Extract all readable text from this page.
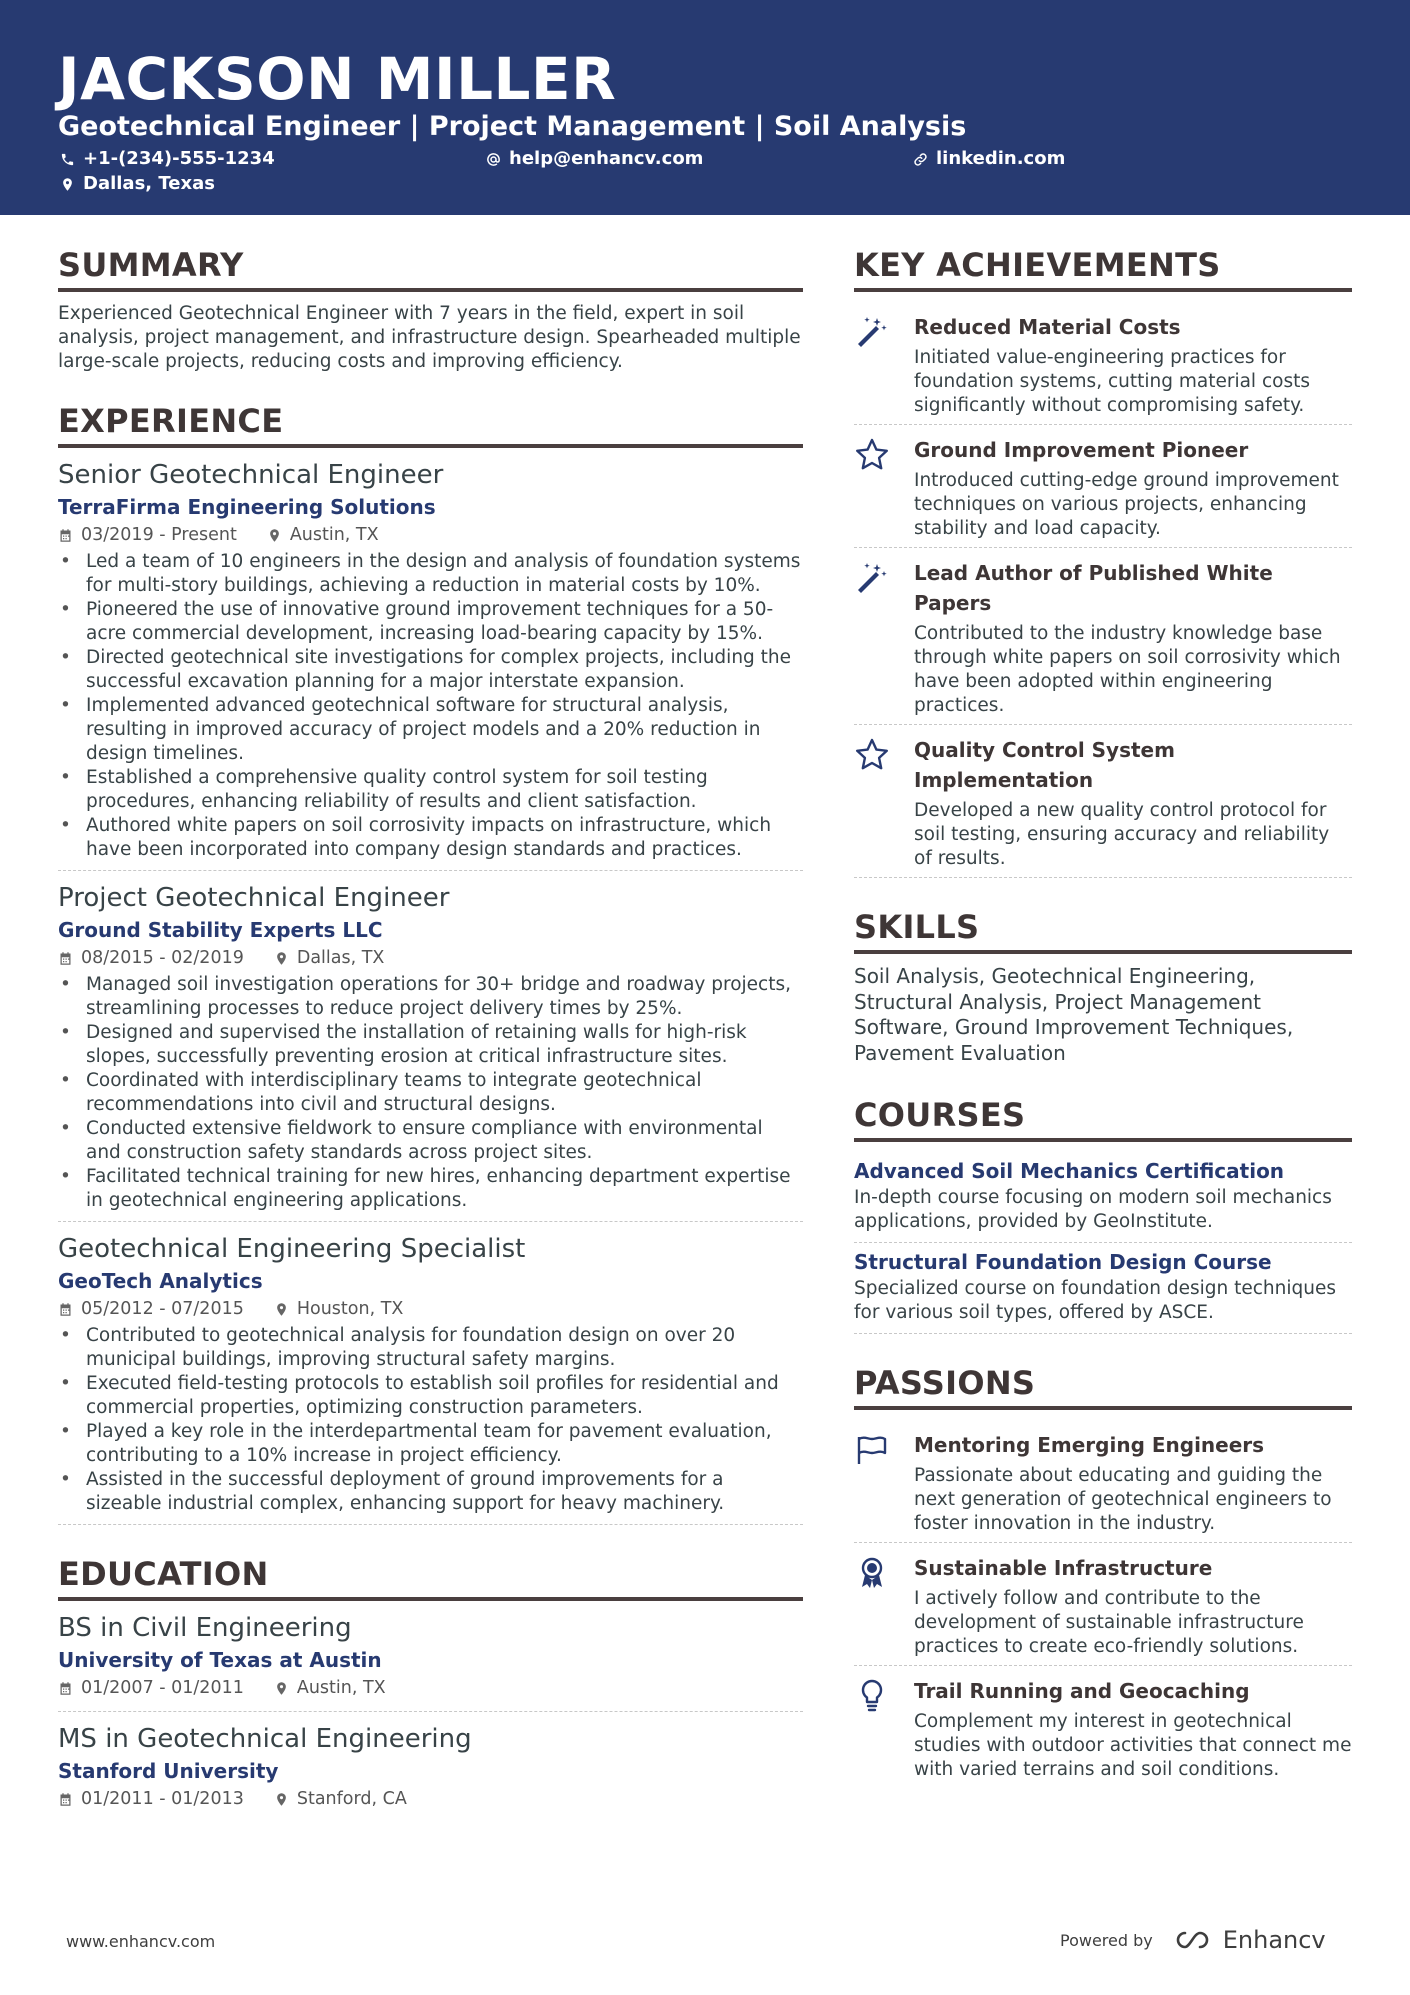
JACKSON MILLER
Geotechnical Engineer | Project Management | Soil Analysis
+1-(234)-555-1234	help@enhancv.com	linkedin.com
Dallas, Texas
SUMMARY
Experienced Geotechnical Engineer with 7 years in the field, expert in soil analysis, project management, and infrastructure design. Spearheaded multiple large-scale projects, reducing costs and improving efficiency.
EXPERIENCE
Senior Geotechnical Engineer
TerraFirma Engineering Solutions
03/2019 - Present	Austin, TX
• Led a team of 10 engineers in the design and analysis of foundation systems for multi-story buildings, achieving a reduction in material costs by 10%.
• Pioneered the use of innovative ground improvement techniques for a 50-acre commercial development, increasing load-bearing capacity by 15%.
• Directed geotechnical site investigations for complex projects, including the successful excavation planning for a major interstate expansion.
• Implemented advanced geotechnical software for structural analysis, resulting in improved accuracy of project models and a 20% reduction in design timelines.
• Established a comprehensive quality control system for soil testing procedures, enhancing reliability of results and client satisfaction.
• Authored white papers on soil corrosivity impacts on infrastructure, which have been incorporated into company design standards and practices.
Project Geotechnical Engineer
Ground Stability Experts LLC
08/2015 - 02/2019	Dallas, TX
• Managed soil investigation operations for 30+ bridge and roadway projects, streamlining processes to reduce project delivery times by 25%.
• Designed and supervised the installation of retaining walls for high-risk slopes, successfully preventing erosion at critical infrastructure sites.
• Coordinated with interdisciplinary teams to integrate geotechnical recommendations into civil and structural designs.
• Conducted extensive fieldwork to ensure compliance with environmental and construction safety standards across project sites.
• Facilitated technical training for new hires, enhancing department expertise in geotechnical engineering applications.
Geotechnical Engineering Specialist
GeoTech Analytics
05/2012 - 07/2015	Houston, TX
• Contributed to geotechnical analysis for foundation design on over 20 municipal buildings, improving structural safety margins.
• Executed field-testing protocols to establish soil profiles for residential and commercial properties, optimizing construction parameters.
• Played a key role in the interdepartmental team for pavement evaluation, contributing to a 10% increase in project efficiency.
• Assisted in the successful deployment of ground improvements for a sizeable industrial complex, enhancing support for heavy machinery.
EDUCATION
BS in Civil Engineering
University of Texas at Austin
01/2007 - 01/2011	Austin, TX
MS in Geotechnical Engineering
Stanford University
01/2011 - 01/2013	Stanford, CA
KEY ACHIEVEMENTS
Reduced Material Costs
Initiated value-engineering practices for foundation systems, cutting material costs significantly without compromising safety.
Ground Improvement Pioneer
Introduced cutting-edge ground improvement techniques on various projects, enhancing stability and load capacity.
Lead Author of Published White Papers
Contributed to the industry knowledge base through white papers on soil corrosivity which have been adopted within engineering practices.
Quality Control System Implementation
Developed a new quality control protocol for soil testing, ensuring accuracy and reliability of results.
SKILLS
Soil Analysis, Geotechnical Engineering, Structural Analysis, Project Management Software, Ground Improvement Techniques, Pavement Evaluation
COURSES
Advanced Soil Mechanics Certification
In-depth course focusing on modern soil mechanics applications, provided by GeoInstitute.
Structural Foundation Design Course
Specialized course on foundation design techniques for various soil types, offered by ASCE.
PASSIONS
Mentoring Emerging Engineers
Passionate about educating and guiding the next generation of geotechnical engineers to foster innovation in the industry.
Sustainable Infrastructure
I actively follow and contribute to the development of sustainable infrastructure practices to create eco-friendly solutions.
Trail Running and Geocaching
Complement my interest in geotechnical studies with outdoor activities that connect me with varied terrains and soil conditions.
www.enhancv.com	Powered by	Enhancv
